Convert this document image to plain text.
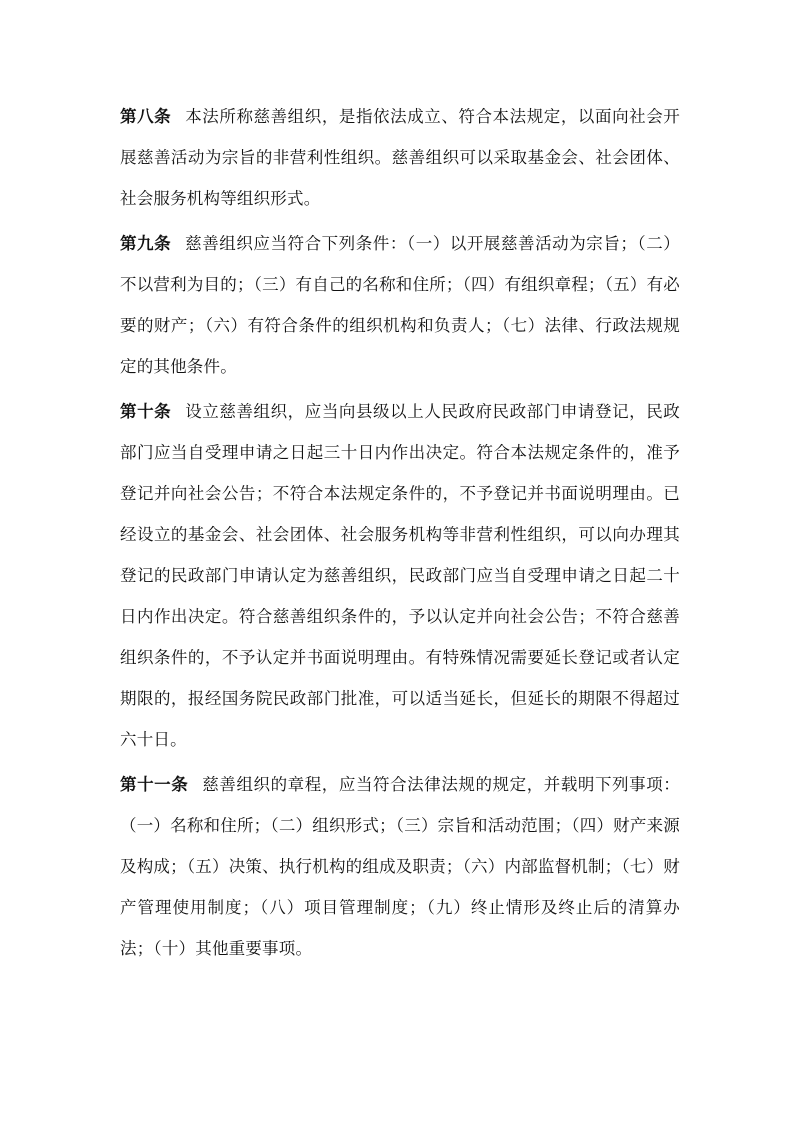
第八条 本法所称慈善组织，是指依法成立、符合本法规定，以面向社会开展慈善活动为宗旨的非营利性组织。慈善组织可以采取基金会、社会团体、社会服务机构等组织形式。

第九条 慈善组织应当符合下列条件：（一）以开展慈善活动为宗旨；（二）不以营利为目的；（三）有自己的名称和住所；（四）有组织章程；（五）有必要的财产；（六）有符合条件的组织机构和负责人；（七）法律、行政法规规定的其他条件。

第十条 设立慈善组织，应当向县级以上人民政府民政部门申请登记，民政部门应当自受理申请之日起三十日内作出决定。符合本法规定条件的，准予登记并向社会公告；不符合本法规定条件的，不予登记并书面说明理由。已经设立的基金会、社会团体、社会服务机构等非营利性组织，可以向办理其登记的民政部门申请认定为慈善组织，民政部门应当自受理申请之日起二十日内作出决定。符合慈善组织条件的，予以认定并向社会公告；不符合慈善组织条件的，不予认定并书面说明理由。有特殊情况需要延长登记或者认定期限的，报经国务院民政部门批准，可以适当延长，但延长的期限不得超过六十日。

第十一条 慈善组织的章程，应当符合法律法规的规定，并载明下列事项：（一）名称和住所；（二）组织形式；（三）宗旨和活动范围；（四）财产来源及构成；（五）决策、执行机构的组成及职责；（六）内部监督机制；（七）财产管理使用制度；（八）项目管理制度；（九）终止情形及终止后的清算办法；（十）其他重要事项。
